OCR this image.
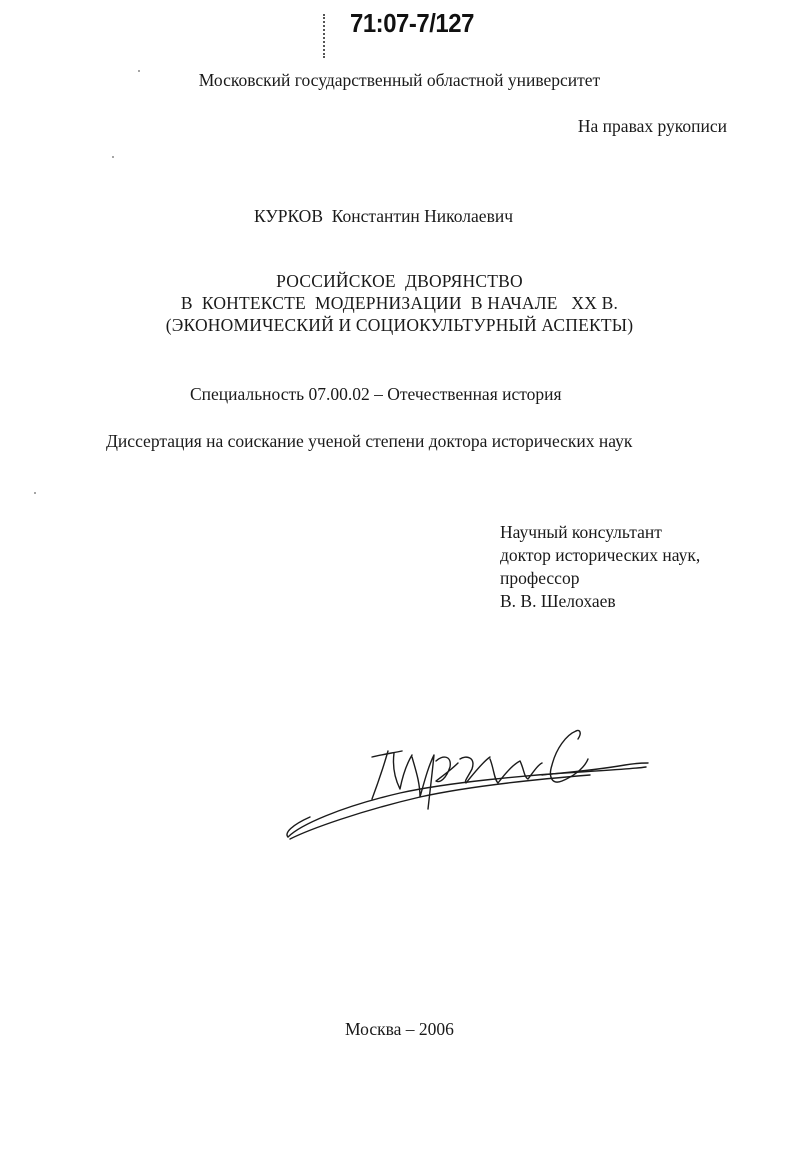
71:07-7/127
Московский государственный областной университет
На правах рукописи
КУРКОВ  Константин Николаевич
РОССИЙСКОЕ  ДВОРЯНСТВО
В  КОНТЕКСТЕ  МОДЕРНИЗАЦИИ  В НАЧАЛЕ   XX В.
(ЭКОНОМИЧЕСКИЙ И СОЦИОКУЛЬТУРНЫЙ АСПЕКТЫ)
Специальность 07.00.02 – Отечественная история
Диссертация на соискание ученой степени доктора исторических наук
Научный консультант
доктор исторических наук,
профессор
В. В. Шелохаев
Москва – 2006
